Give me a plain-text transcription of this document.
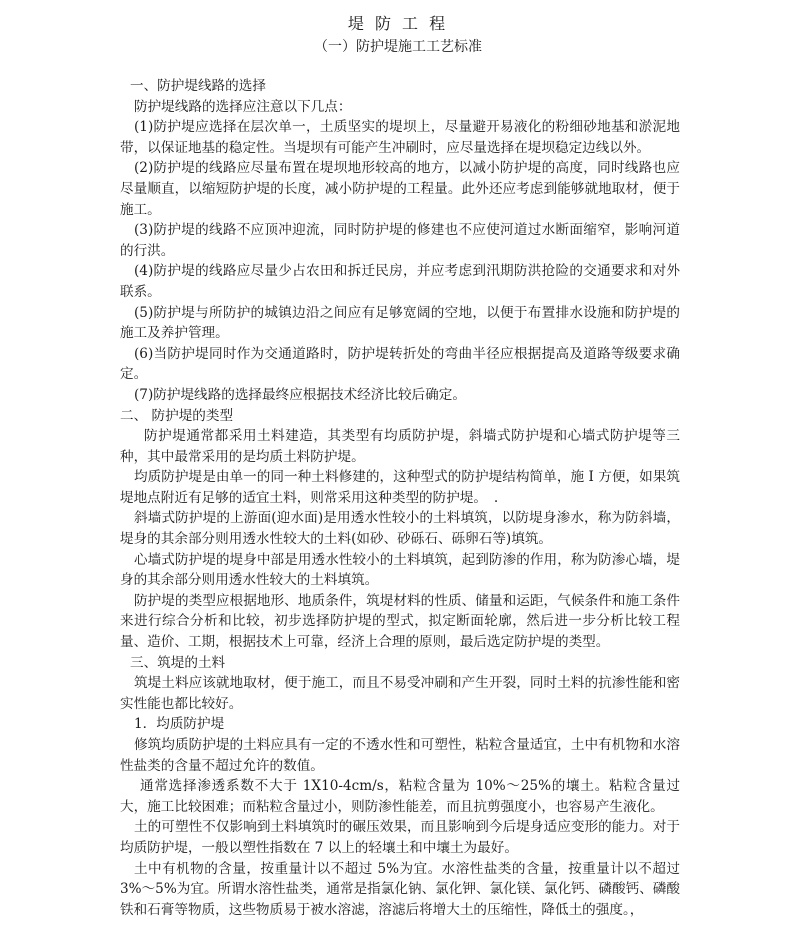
堤 防 工 程
（一）防护堤施工工艺标准

一、防护堤线路的选择

防护堤线路的选择应注意以下几点：

(1)防护堤应选择在层次单一，土质坚实的堤坝上，尽量避开易液化的粉细砂地基和淤泥地带，以保证地基的稳定性。当堤坝有可能产生冲刷时，应尽量选择在堤坝稳定边线以外。

(2)防护堤的线路应尽量布置在堤坝地形较高的地方，以减小防护堤的高度，同时线路也应尽量顺直，以缩短防护堤的长度，减小防护堤的工程量。此外还应考虑到能够就地取材，便于施工。

(3)防护堤的线路不应顶冲迎流，同时防护堤的修建也不应使河道过水断面缩窄，影响河道的行洪。

(4)防护堤的线路应尽量少占农田和拆迁民房，并应考虑到汛期防洪抢险的交通要求和对外联系。

(5)防护堤与所防护的城镇边沿之间应有足够宽阔的空地，以便于布置排水设施和防护堤的施工及养护管理。

(6)当防护堤同时作为交通道路时，防护堤转折处的弯曲半径应根据提高及道路等级要求确定。

(7)防护堤线路的选择最终应根据技术经济比较后确定。

二、 防护堤的类型

防护堤通常都采用土料建造，其类型有均质防护堤，斜墙式防护堤和心墙式防护堤等三种，其中最常采用的是均质土料防护堤。

均质防护堤是由单一的同一种土料修建的，这种型式的防护堤结构简单，施 I 方便，如果筑堤地点附近有足够的适宜土料，则常采用这种类型的防护堤。　.

斜墙式防护堤的上游面(迎水面)是用透水性较小的土料填筑，以防堤身渗水，称为防斜墙，堤身的其余部分则用透水性较大的土料(如砂、砂砾石、砾卵石等)填筑。

心墙式防护堤的堤身中部是用透水性较小的土料填筑，起到防渗的作用，称为防渗心墙，堤身的其余部分则用透水性较大的土料填筑。

防护堤的类型应根据地形、地质条件，筑堤材料的性质、储量和运距，气候条件和施工条件来进行综合分析和比较，初步选择防护堤的型式，拟定断面轮廓，然后进一步分析比较工程量、造价、工期，根据技术上可靠，经济上合理的原则，最后选定防护堤的类型。

三、筑堤的土料

筑堤土料应该就地取材，便于施工，而且不易受冲刷和产生开裂，同时土料的抗渗性能和密实性能也都比较好。

1．均质防护堤

修筑均质防护堤的土料应具有一定的不透水性和可塑性，粘粒含量适宜，土中有机物和水溶性盐类的含量不超过允许的数值。

通常选择渗透系数不大于 1X10-4cm/s，粘粒含量为 10%～25%的壤土。粘粒含量过大，施工比较困难；而粘粒含量过小，则防渗性能差，而且抗剪强度小，也容易产生液化。

土的可塑性不仅影响到土料填筑时的碾压效果，而且影响到今后堤身适应变形的能力。对于均质防护堤，一般以塑性指数在 7 以上的轻壤土和中壤土为最好。

土中有机物的含量，按重量计以不超过 5%为宜。水溶性盐类的含量，按重量计以不超过 3%～5%为宜。所谓水溶性盐类，通常是指氯化钠、氯化钾、氯化镁、氯化钙、磷酸钙、磷酸铁和石膏等物质，这些物质易于被水溶滤，溶滤后将增大土的压缩性，降低土的强度。，
